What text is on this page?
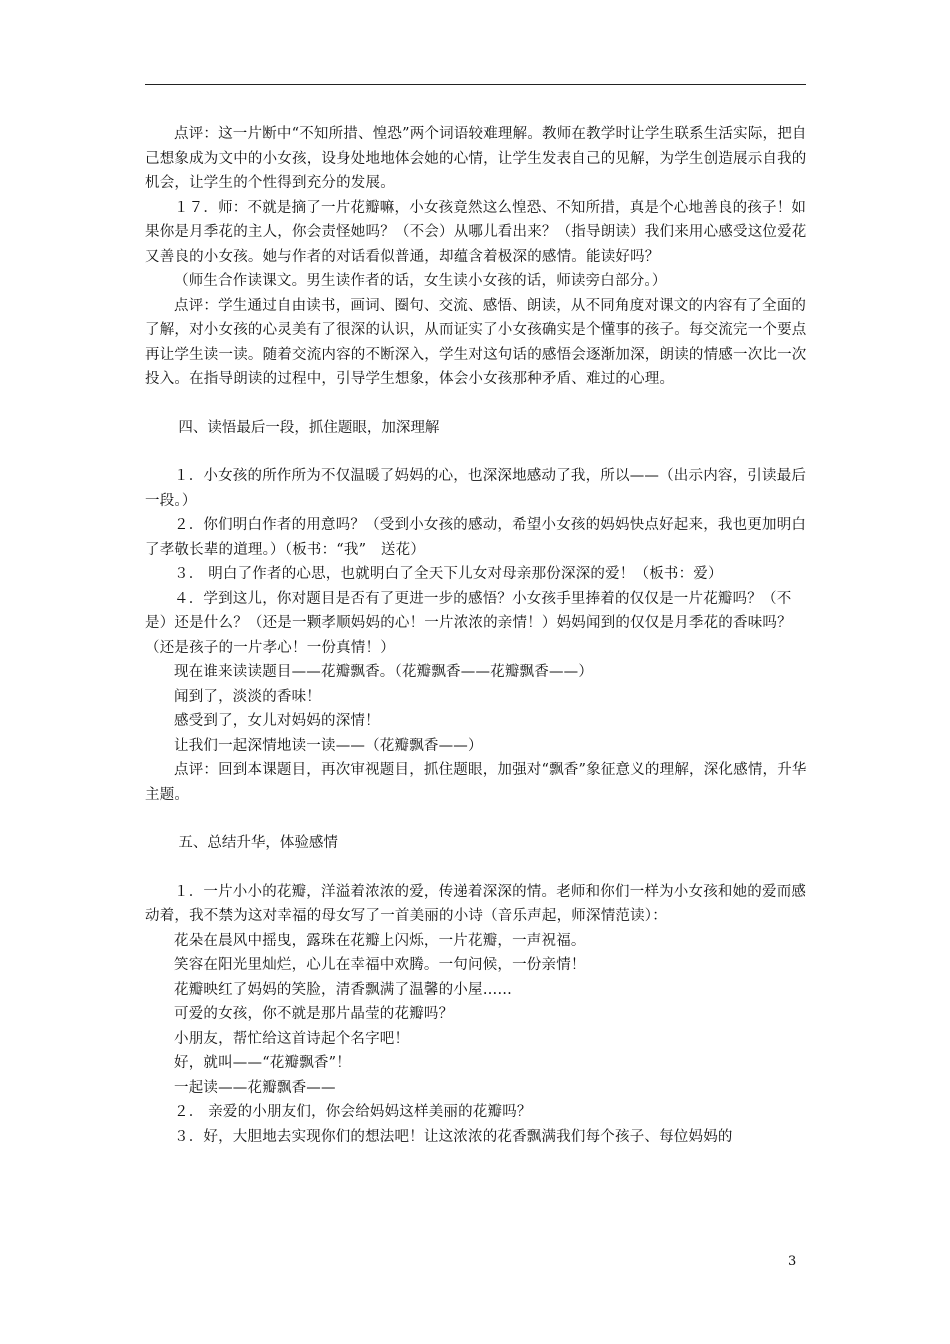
点评：这一片断中“不知所措、惶恐”两个词语较难理解。教师在教学时让学生联系生活实际，把自己想象成为文中的小女孩，设身处地地体会她的心情，让学生发表自己的见解，为学生创造展示自我的机会，让学生的个性得到充分的发展。

１７．师：不就是摘了一片花瓣嘛，小女孩竟然这么惶恐、不知所措，真是个心地善良的孩子！如果你是月季花的主人，你会责怪她吗？（不会）从哪儿看出来？（指导朗读）我们来用心感受这位爱花又善良的小女孩。她与作者的对话看似普通，却蕴含着极深的感情。能读好吗？

（师生合作读课文。男生读作者的话，女生读小女孩的话，师读旁白部分。）

点评：学生通过自由读书，画词、圈句、交流、感悟、朗读，从不同角度对课文的内容有了全面的了解，对小女孩的心灵美有了很深的认识，从而证实了小女孩确实是个懂事的孩子。每交流完一个要点再让学生读一读。随着交流内容的不断深入，学生对这句话的感悟会逐渐加深，朗读的情感一次比一次投入。在指导朗读的过程中，引导学生想象，体会小女孩那种矛盾、难过的心理。

四、读悟最后一段，抓住题眼，加深理解

１．小女孩的所作所为不仅温暖了妈妈的心，也深深地感动了我，所以——（出示内容，引读最后一段。）

２．你们明白作者的用意吗？（受到小女孩的感动，希望小女孩的妈妈快点好起来，我也更加明白了孝敬长辈的道理。）（板书：“我”　送花）

３． 明白了作者的心思，也就明白了全天下儿女对母亲那份深深的爱！（板书：爱）

４．学到这儿，你对题目是否有了更进一步的感悟？小女孩手里捧着的仅仅是一片花瓣吗？（不是）还是什么？（还是一颗孝顺妈妈的心！一片浓浓的亲情！）妈妈闻到的仅仅是月季花的香味吗？（还是孩子的一片孝心！一份真情！）

现在谁来读读题目——花瓣飘香。（花瓣飘香——花瓣飘香——）

闻到了，淡淡的香味！

感受到了，女儿对妈妈的深情！

让我们一起深情地读一读——（花瓣飘香——）

点评：回到本课题目，再次审视题目，抓住题眼，加强对“飘香”象征意义的理解，深化感情，升华主题。

五、总结升华，体验感情

１．一片小小的花瓣，洋溢着浓浓的爱，传递着深深的情。老师和你们一样为小女孩和她的爱而感动着，我不禁为这对幸福的母女写了一首美丽的小诗（音乐声起，师深情范读）：

花朵在晨风中摇曳，露珠在花瓣上闪烁，一片花瓣，一声祝福。

笑容在阳光里灿烂，心儿在幸福中欢腾。一句问候，一份亲情！

花瓣映红了妈妈的笑脸，清香飘满了温馨的小屋……

可爱的女孩，你不就是那片晶莹的花瓣吗？

小朋友，帮忙给这首诗起个名字吧！

好，就叫——“花瓣飘香”！

一起读——花瓣飘香——

２． 亲爱的小朋友们，你会给妈妈这样美丽的花瓣吗？

３．好，大胆地去实现你们的想法吧！让这浓浓的花香飘满我们每个孩子、每位妈妈的

3
